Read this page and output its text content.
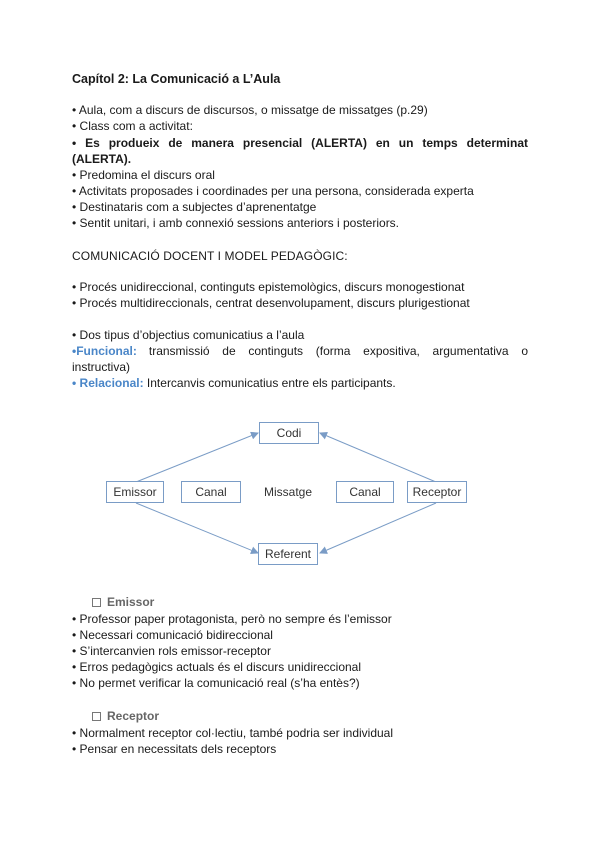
Capítol 2: La Comunicació a L’Aula
• Aula, com a discurs de discursos, o missatge de missatges (p.29)
• Class com a activitat:
• Es produeix de manera presencial (ALERTA) en un temps determinat
(ALERTA).
• Predomina el discurs oral
• Activitats proposades i coordinades per una persona, considerada experta
• Destinataris com a subjectes d’aprenentatge
• Sentit unitari, i amb connexió sessions anteriors i posteriors.
COMUNICACIÓ DOCENT I MODEL PEDAGÒGIC:
• Procés unidireccional, continguts epistemològics, discurs monogestionat
• Procés multidireccionals, centrat desenvolupament, discurs plurigestionat
• Dos tipus d’objectius comunicatius a l’aula
• Funcional: transmissió de continguts (forma expositiva, argumentativa o
instructiva)
• Relacional: Intercanvis comunicatius entre els participants.
Codi
Emissor	Canal	Missatge	Canal	Receptor
Referent
Emissor
• Professor paper protagonista, però no sempre és l’emissor
• Necessari comunicació bidireccional
• S’intercanvien rols emissor-receptor
• Erros pedagògics actuals és el discurs unidireccional
• No permet verificar la comunicació real (s’ha entès?)
Receptor
• Normalment receptor col·lectiu, també podria ser individual
• Pensar en necessitats dels receptors
